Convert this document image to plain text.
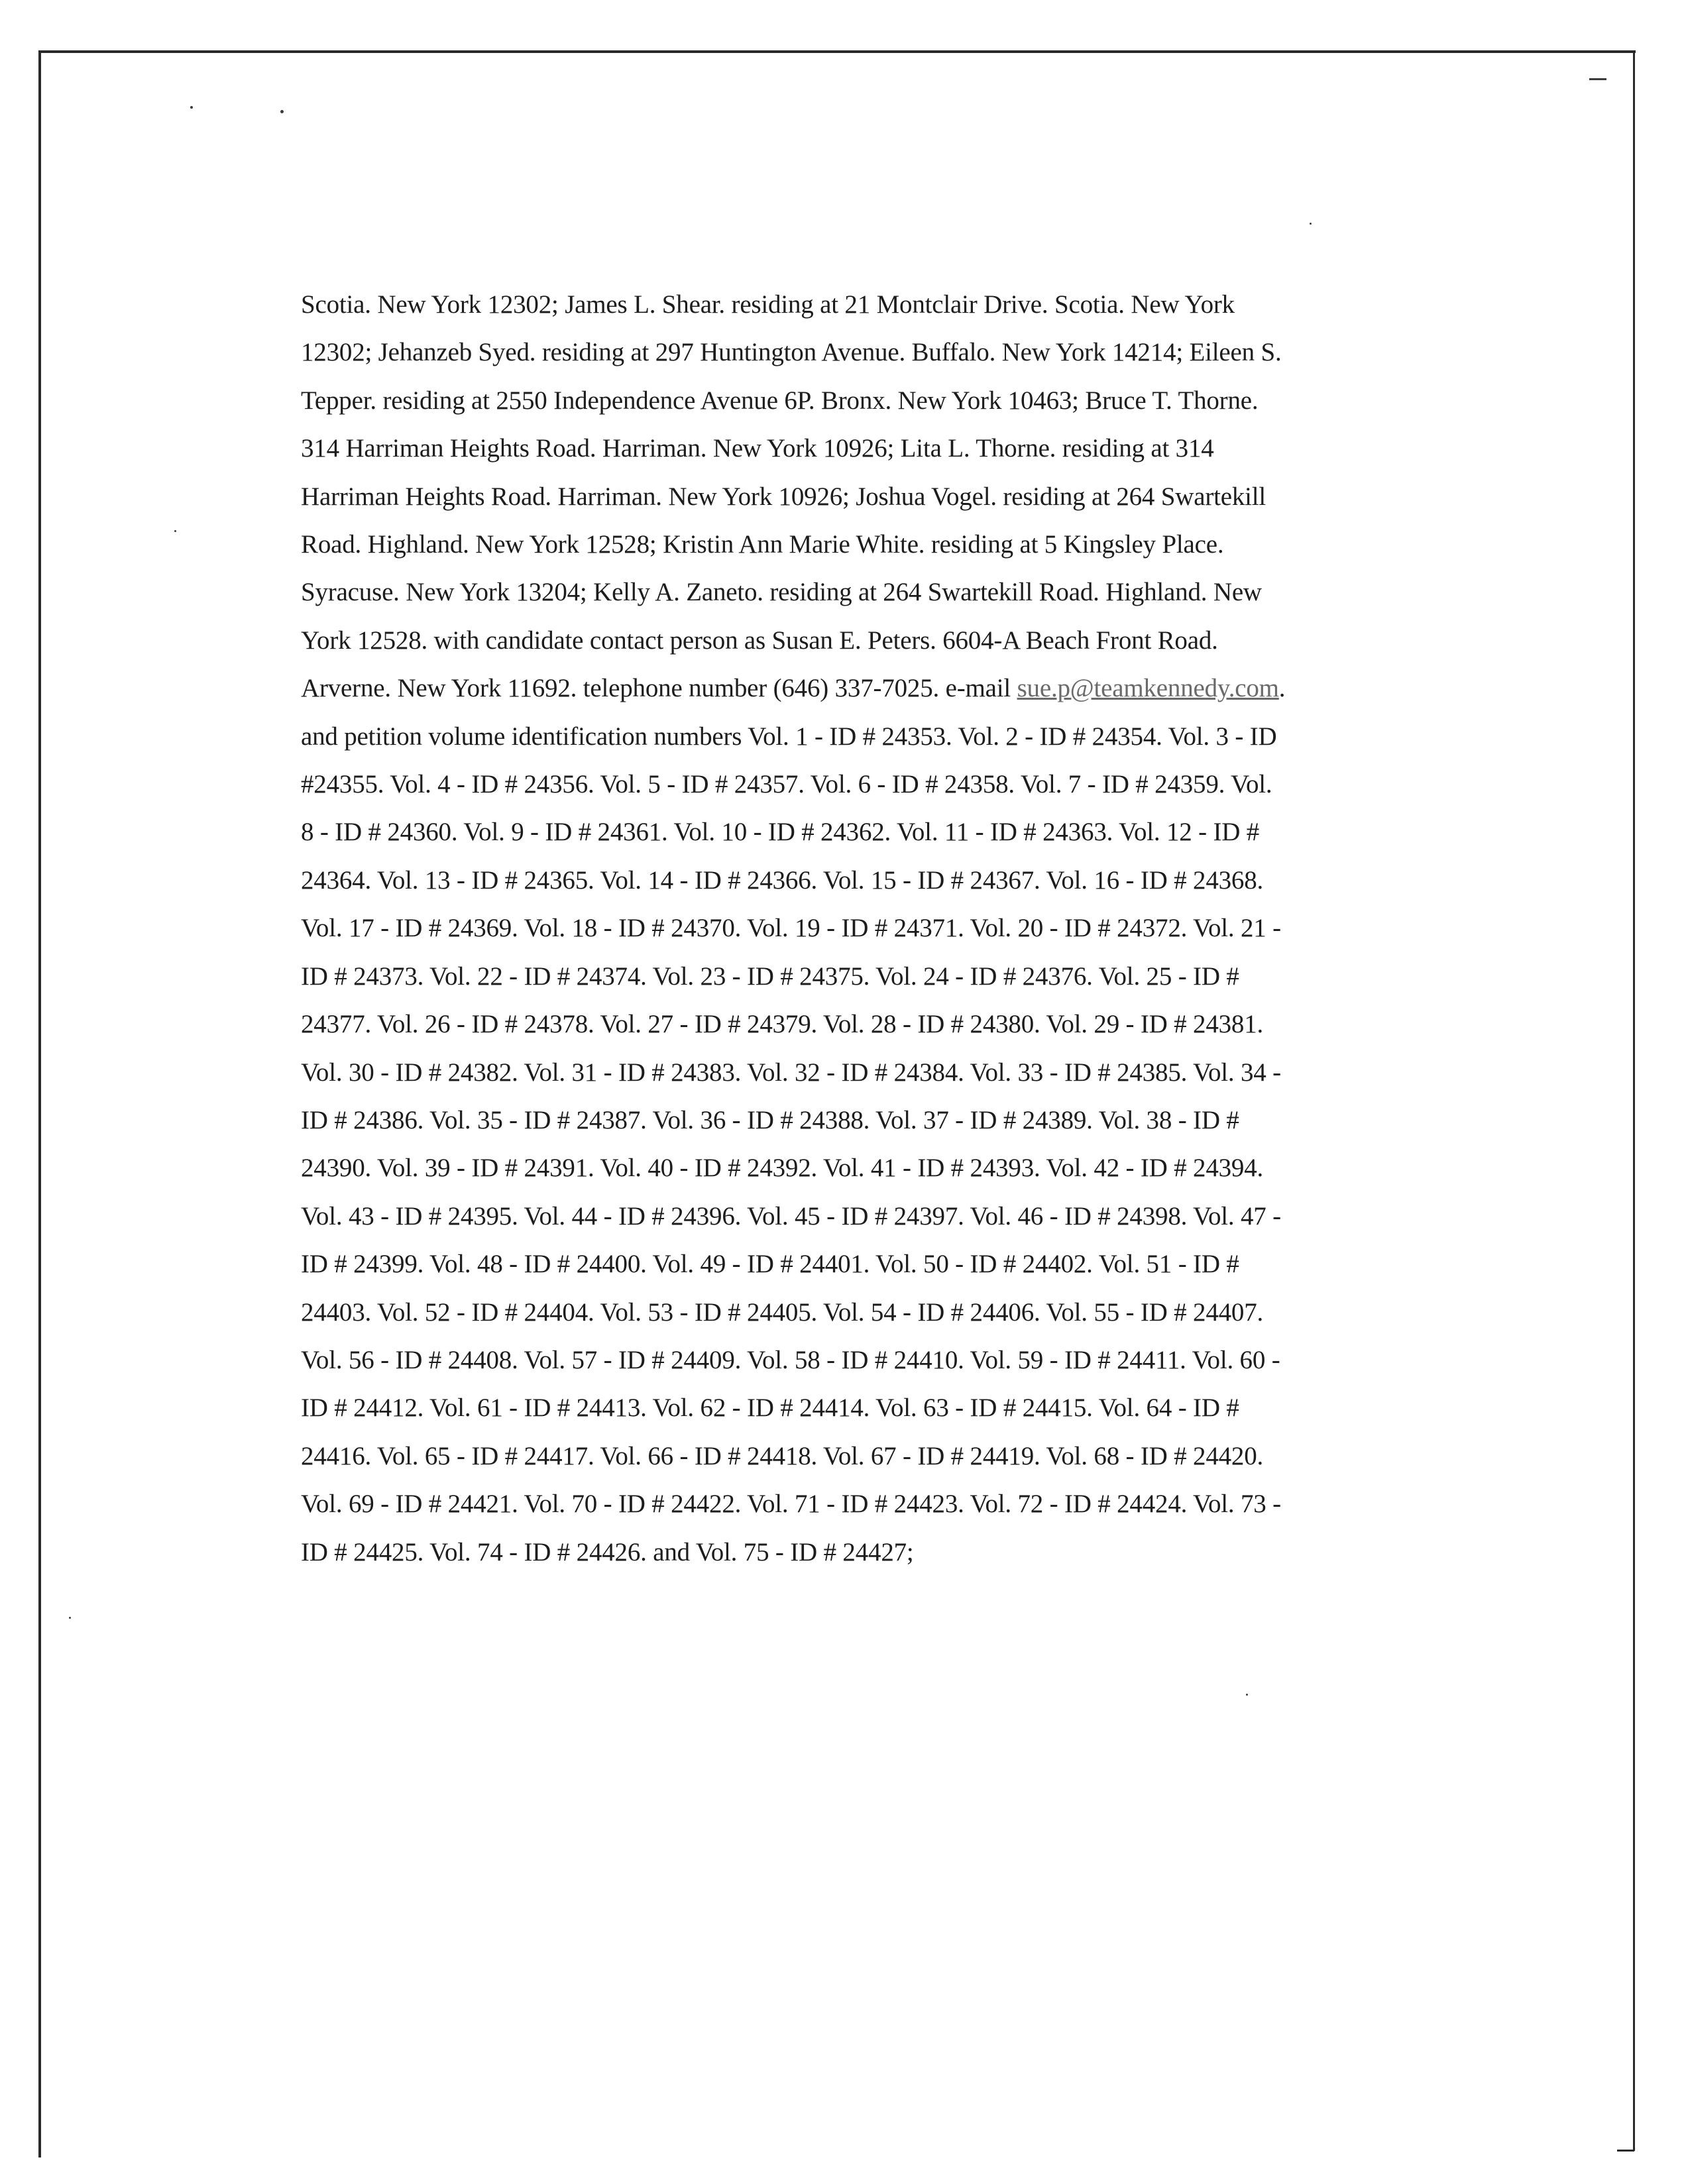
Scotia. New York 12302; James L. Shear. residing at 21 Montclair Drive. Scotia. New York

12302; Jehanzeb Syed. residing at 297 Huntington Avenue. Buffalo. New York 14214; Eileen S.

Tepper. residing at 2550 Independence Avenue 6P. Bronx. New York 10463; Bruce T. Thorne.

314 Harriman Heights Road. Harriman. New York 10926; Lita L. Thorne. residing at 314

Harriman Heights Road. Harriman. New York 10926; Joshua Vogel. residing at 264 Swartekill

Road. Highland. New York 12528; Kristin Ann Marie White. residing at 5 Kingsley Place.

Syracuse. New York 13204; Kelly A. Zaneto. residing at 264 Swartekill Road. Highland. New

York 12528. with candidate contact person as Susan E. Peters. 6604-A Beach Front Road.

Arverne. New York 11692. telephone number (646) 337-7025. e-mail sue.p@teamkennedy.com.

and petition volume identification numbers Vol. 1 - ID # 24353. Vol. 2 - ID # 24354. Vol. 3 - ID

#24355. Vol. 4 - ID # 24356. Vol. 5 - ID # 24357. Vol. 6 - ID # 24358. Vol. 7 - ID # 24359. Vol.

8 - ID # 24360. Vol. 9 - ID # 24361. Vol. 10 - ID # 24362. Vol. 11 - ID # 24363. Vol. 12 - ID #

24364. Vol. 13 - ID # 24365. Vol. 14 - ID # 24366. Vol. 15 - ID # 24367. Vol. 16 - ID # 24368.

Vol. 17 - ID # 24369. Vol. 18 - ID # 24370. Vol. 19 - ID # 24371. Vol. 20 - ID # 24372. Vol. 21 -

ID # 24373. Vol. 22 - ID # 24374. Vol. 23 - ID # 24375. Vol. 24 - ID # 24376. Vol. 25 - ID #

24377. Vol. 26 - ID # 24378. Vol. 27 - ID # 24379. Vol. 28 - ID # 24380. Vol. 29 - ID # 24381.

Vol. 30 - ID # 24382. Vol. 31 - ID # 24383. Vol. 32 - ID # 24384. Vol. 33 - ID # 24385. Vol. 34 -

ID # 24386. Vol. 35 - ID # 24387. Vol. 36 - ID # 24388. Vol. 37 - ID # 24389. Vol. 38 - ID #

24390. Vol. 39 - ID # 24391. Vol. 40 - ID # 24392. Vol. 41 - ID # 24393. Vol. 42 - ID # 24394.

Vol. 43 - ID # 24395. Vol. 44 - ID # 24396. Vol. 45 - ID # 24397. Vol. 46 - ID # 24398. Vol. 47 -

ID # 24399. Vol. 48 - ID # 24400. Vol. 49 - ID # 24401. Vol. 50 - ID # 24402. Vol. 51 - ID #

24403. Vol. 52 - ID # 24404. Vol. 53 - ID # 24405. Vol. 54 - ID # 24406. Vol. 55 - ID # 24407.

Vol. 56 - ID # 24408. Vol. 57 - ID # 24409. Vol. 58 - ID # 24410. Vol. 59 - ID # 24411. Vol. 60 -

ID # 24412. Vol. 61 - ID # 24413. Vol. 62 - ID # 24414. Vol. 63 - ID # 24415. Vol. 64 - ID #

24416. Vol. 65 - ID # 24417. Vol. 66 - ID # 24418. Vol. 67 - ID # 24419. Vol. 68 - ID # 24420.

Vol. 69 - ID # 24421. Vol. 70 - ID # 24422. Vol. 71 - ID # 24423. Vol. 72 - ID # 24424. Vol. 73 -

ID # 24425. Vol. 74 - ID # 24426. and Vol. 75 - ID # 24427;
